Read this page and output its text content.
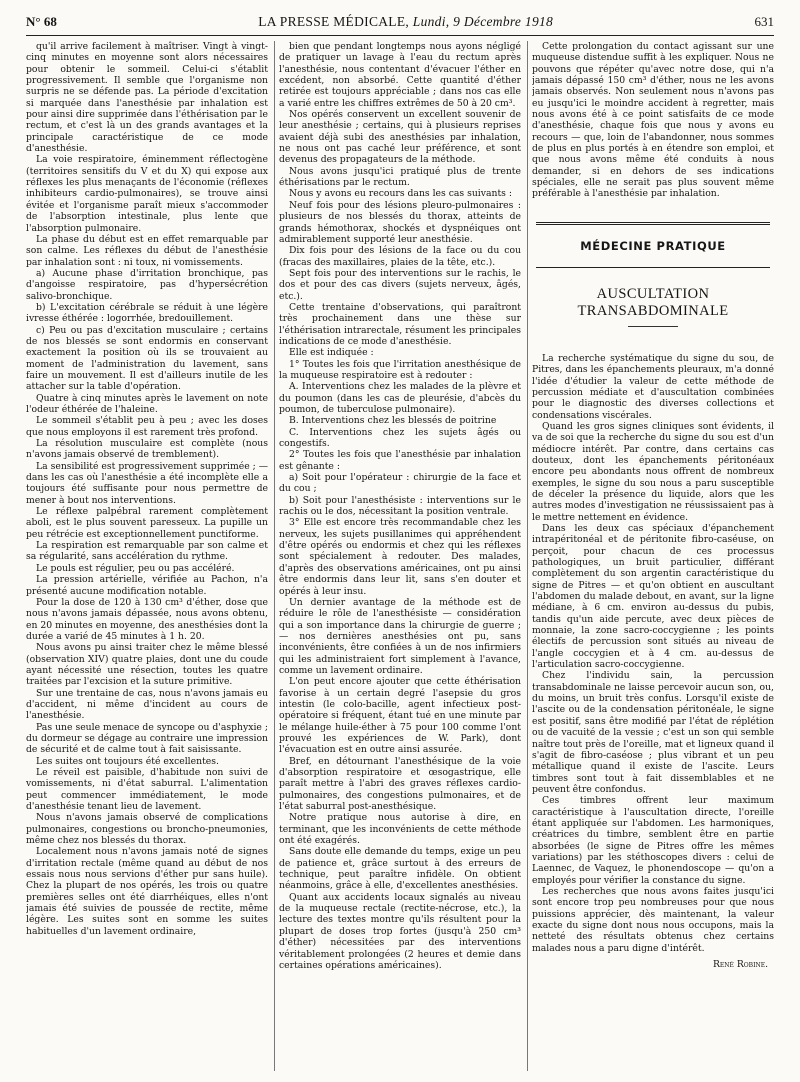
N° 68	LA PRESSE MÉDICALE, Lundi, 9 Décembre 1918	631

qu'il arrive facilement à maîtriser. Vingt à vingt-cinq minutes en moyenne sont alors nécessaires pour obtenir le sommeil. Celui-ci s'établit progressivement. Il semble que l'organisme non surpris ne se défende pas. La période d'excitation si marquée dans l'anesthésie par inhalation est pour ainsi dire supprimée dans l'éthérisation par le rectum, et c'est là un des grands avantages et la principale caractéristique de ce mode d'anesthésie.

La voie respiratoire, éminemment réflectogène (territoires sensitifs du V et du X) qui expose aux réflexes les plus menaçants de l'économie (réflexes inhibiteurs cardio-pulmonaires), se trouve ainsi évitée et l'organisme paraît mieux s'accommoder de l'absorption intestinale, plus lente que l'absorption pulmonaire.

La phase du début est en effet remarquable par son calme. Les réflexes du début de l'anesthésie par inhalation sont : ni toux, ni vomissements.

a) Aucune phase d'irritation bronchique, pas d'angoisse respiratoire, pas d'hypersécrétion salivo-bronchique.

b) L'excitation cérébrale se réduit à une légère ivresse éthérée : logorrhée, bredouillement.

c) Peu ou pas d'excitation musculaire ; certains de nos blessés se sont endormis en conservant exactement la position où ils se trouvaient au moment de l'administration du lavement, sans faire un mouvement. Il est d'ailleurs inutile de les attacher sur la table d'opération.

Quatre à cinq minutes après le lavement on note l'odeur éthérée de l'haleine.

Le sommeil s'établit peu à peu ; avec les doses que nous employons il est rarement très profond.

La résolution musculaire est complète (nous n'avons jamais observé de tremblement).

La sensibilité est progressivement supprimée ; — dans les cas où l'anesthésie a été incomplète elle a toujours été suffisante pour nous permettre de mener à bout nos interventions.

Le réflexe palpébral rarement complètement aboli, est le plus souvent paresseux. La pupille un peu rétrécie est exceptionnellement punctiforme.

La respiration est remarquable par son calme et sa régularité, sans accélération du rythme.

Le pouls est régulier, peu ou pas accéléré.

La pression artérielle, vérifiée au Pachon, n'a présenté aucune modification notable.

Pour la dose de 120 à 130 cm³ d'éther, dose que nous n'avons jamais dépassée, nous avons obtenu, en 20 minutes en moyenne, des anesthésies dont la durée a varié de 45 minutes à 1 h. 20.

Nous avons pu ainsi traiter chez le même blessé (observation XIV) quatre plaies, dont une du coude ayant nécessité une résection, toutes les quatre traitées par l'excision et la suture primitive.

Sur une trentaine de cas, nous n'avons jamais eu d'accident, ni même d'incident au cours de l'anesthésie.

Pas une seule menace de syncope ou d'asphyxie ; du dormeur se dégage au contraire une impression de sécurité et de calme tout à fait saisissante.

Les suites ont toujours été excellentes.

Le réveil est paisible, d'habitude non suivi de vomissements, ni d'état saburral. L'alimentation peut commencer immédiatement, le mode d'anesthésie tenant lieu de lavement.

Nous n'avons jamais observé de complications pulmonaires, congestions ou broncho-pneumonies, même chez nos blessés du thorax.

Localement nous n'avons jamais noté de signes d'irritation rectale (même quand au début de nos essais nous nous servions d'éther pur sans huile). Chez la plupart de nos opérés, les trois ou quatre premières selles ont été diarrhéiques, elles n'ont jamais été suivies de poussée de rectite, même légère. Les suites sont en somme les suites habituelles d'un lavement ordinaire,

bien que pendant longtemps nous ayons négligé de pratiquer un lavage à l'eau du rectum après l'anesthésie, nous contentant d'évacuer l'éther en excédent, non absorbé. Cette quantité d'éther retirée est toujours appréciable ; dans nos cas elle a varié entre les chiffres extrêmes de 50 à 20 cm³.

Nos opérés conservent un excellent souvenir de leur anesthésie ; certains, qui à plusieurs reprises avaient déjà subi des anesthésies par inhalation, ne nous ont pas caché leur préférence, et sont devenus des propagateurs de la méthode.

Nous avons jusqu'ici pratiqué plus de trente éthérisations par le rectum.

Nous y avons eu recours dans les cas suivants :

Neuf fois pour des lésions pleuro-pulmonaires : plusieurs de nos blessés du thorax, atteints de grands hémothorax, shockés et dyspnéiques ont admirablement supporté leur anesthésie.

Dix fois pour des lésions de la face ou du cou (fracas des maxillaires, plaies de la tête, etc.).

Sept fois pour des interventions sur le rachis, le dos et pour des cas divers (sujets nerveux, âgés, etc.).

Cette trentaine d'observations, qui paraîtront très prochainement dans une thèse sur l'éthérisation intrarectale, résument les principales indications de ce mode d'anesthésie.

Elle est indiquée :

1° Toutes les fois que l'irritation anesthésique de la muqueuse respiratoire est à redouter :

A. Interventions chez les malades de la plèvre et du poumon (dans les cas de pleurésie, d'abcès du poumon, de tuberculose pulmonaire).

B. Interventions chez les blessés de poitrine

C. Interventions chez les sujets âgés ou congestifs.

2° Toutes les fois que l'anesthésie par inhalation est gênante :

a) Soit pour l'opérateur : chirurgie de la face et du cou ;

b) Soit pour l'anesthésiste : interventions sur le rachis ou le dos, nécessitant la position ventrale.

3° Elle est encore très recommandable chez les nerveux, les sujets pusillanimes qui appréhendent d'être opérés ou endormis et chez qui les réflexes sont spécialement à redouter. Des malades, d'après des observations américaines, ont pu ainsi être endormis dans leur lit, sans s'en douter et opérés à leur insu.

Un dernier avantage de la méthode est de réduire le rôle de l'anesthésiste — considération qui a son importance dans la chirurgie de guerre ; — nos dernières anesthésies ont pu, sans inconvénients, être confiées à un de nos infirmiers qui les administraient fort simplement à l'avance, comme un lavement ordinaire.

L'on peut encore ajouter que cette éthérisation favorise à un certain degré l'asepsie du gros intestin (le colo-bacille, agent infectieux post-opératoire si fréquent, étant tué en une minute par le mélange huile-éther à 75 pour 100 comme l'ont prouvé les expériences de W. Park), dont l'évacuation est en outre ainsi assurée.

Bref, en détournant l'anesthésique de la voie d'absorption respiratoire et œsogastrique, elle paraît mettre à l'abri des graves réflexes cardio-pulmonaires, des congestions pulmonaires, et de l'état saburral post-anesthésique.

Notre pratique nous autorise à dire, en terminant, que les inconvénients de cette méthode ont été exagérés.

Sans doute elle demande du temps, exige un peu de patience et, grâce surtout à des erreurs de technique, peut paraître infidèle. On obtient néanmoins, grâce à elle, d'excellentes anesthésies.

Quant aux accidents locaux signalés au niveau de la muqueuse rectale (rectite-nécrose, etc.), la lecture des textes montre qu'ils résultent pour la plupart de doses trop fortes (jusqu'à 250 cm³ d'éther) nécessitées par des interventions véritablement prolongées (2 heures et demie dans certaines opérations américaines).

Cette prolongation du contact agissant sur une muqueuse distendue suffit à les expliquer. Nous ne pouvons que répéter qu'avec notre dose, qui n'a jamais dépassé 150 cm³ d'éther, nous ne les avons jamais observés. Non seulement nous n'avons pas eu jusqu'ici le moindre accident à regretter, mais nous avons été à ce point satisfaits de ce mode d'anesthésie, chaque fois que nous y avons eu recours — que, loin de l'abandonner, nous sommes de plus en plus portés à en étendre son emploi, et que nous avons même été conduits à nous demander, si en dehors de ses indications spéciales, elle ne serait pas plus souvent même préférable à l'anesthésie par inhalation.

MÉDECINE PRATIQUE
AUSCULTATION TRANSABDOMINALE

La recherche systématique du signe du sou, de Pitres, dans les épanchements pleuraux, m'a donné l'idée d'étudier la valeur de cette méthode de percussion médiate et d'auscultation combinées pour le diagnostic des diverses collections et condensations viscérales.

Quand les gros signes cliniques sont évidents, il va de soi que la recherche du signe du sou est d'un médiocre intérêt. Par contre, dans certains cas douteux, dont les épanchements péritonéaux encore peu abondants nous offrent de nombreux exemples, le signe du sou nous a paru susceptible de déceler la présence du liquide, alors que les autres modes d'investigation ne réussissaient pas à le mettre nettement en évidence.

Dans les deux cas spéciaux d'épanchement intrapéritonéal et de péritonite fibro-caséuse, on perçoit, pour chacun de ces processus pathologiques, un bruit particulier, différant complètement du son argentin caractéristique du signe de Pitres — et qu'on obtient en auscultant l'abdomen du malade debout, en avant, sur la ligne médiane, à 6 cm. environ au-dessus du pubis, tandis qu'un aide percute, avec deux pièces de monnaie, la zone sacro-coccygienne ; les points électifs de percussion sont situés au niveau de l'angle coccygien et à 4 cm. au-dessus de l'articulation sacro-coccygienne.

Chez l'individu sain, la percussion transabdominale ne laisse percevoir aucun son, ou, du moins, un bruit très confus. Lorsqu'il existe de l'ascite ou de la condensation péritonéale, le signe est positif, sans être modifié par l'état de réplétion ou de vacuité de la vessie ; c'est un son qui semble naître tout près de l'oreille, mat et ligneux quand il s'agit de fibro-caséose ; plus vibrant et un peu métallique quand il existe de l'ascite. Leurs timbres sont tout à fait dissemblables et ne peuvent être confondus.

Ces timbres offrent leur maximum caractéristique à l'auscultation directe, l'oreille étant appliquée sur l'abdomen. Les harmoniques, créatrices du timbre, semblent être en partie absorbées (le signe de Pitres offre les mêmes variations) par les stéthoscopes divers : celui de Laennec, de Vaquez, le phonendoscope — qu'on a employés pour vérifier la constance du signe.

Les recherches que nous avons faites jusqu'ici sont encore trop peu nombreuses pour que nous puissions apprécier, dès maintenant, la valeur exacte du signe dont nous nous occupons, mais la netteté des résultats obtenus chez certains malades nous a paru digne d'intérêt.

René Robine.
